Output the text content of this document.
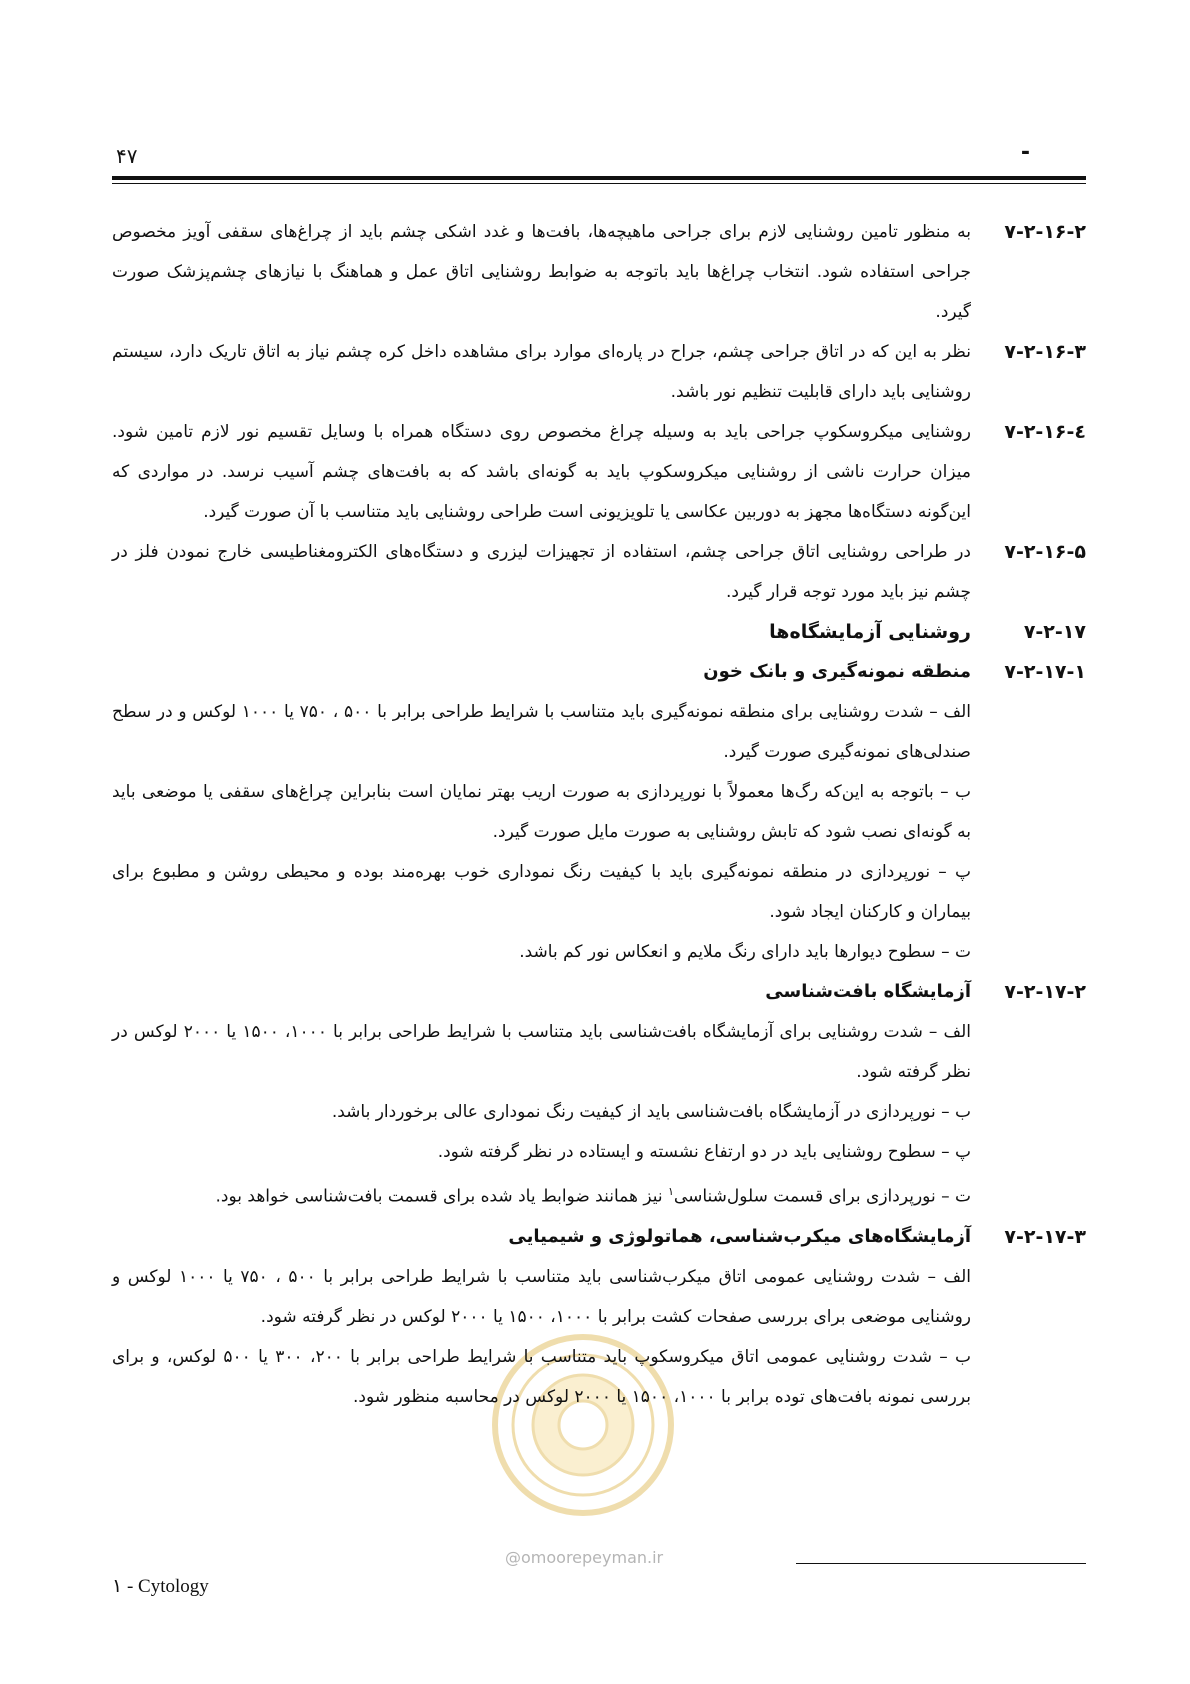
۴۷	-
۷-۲-۱۶-۲
به منظور تامین روشنایی لازم برای جراحی ماهیچه‌ها، بافت‌ها و غدد اشکی چشم باید از چراغ‌های سقفی آویز مخصوص جراحی استفاده شود. انتخاب چراغ‌ها باید باتوجه به ضوابط روشنایی اتاق عمل و هماهنگ با نیازهای چشم‌پزشک صورت گیرد.
۷-۲-۱۶-۳
نظر به این که در اتاق جراحی چشم، جراح در پاره‌ای موارد برای مشاهده داخل کره چشم نیاز به اتاق تاریک دارد، سیستم روشنایی باید دارای قابلیت تنظیم نور باشد.
۷-۲-۱۶-٤
روشنایی میکروسکوپ جراحی باید به وسیله چراغ مخصوص روی دستگاه همراه با وسایل تقسیم نور لازم تامین شود. میزان حرارت ناشی از روشنایی میکروسکوپ باید به گونه‌ای باشد که به بافت‌های چشم آسیب نرسد. در مواردی که این‌گونه دستگاه‌ها مجهز به دوربین عکاسی یا تلویزیونی است طراحی روشنایی باید متناسب با آن صورت گیرد.
۷-۲-۱۶-۵
در طراحی روشنایی اتاق جراحی چشم، استفاده از تجهیزات لیزری و دستگاه‌های الکترومغناطیسی خارج نمودن فلز در چشم نیز باید مورد توجه قرار گیرد.
۷-۲-۱۷
روشنایی آزمایشگاه‌ها
۷-۲-۱۷-۱
منطقه نمونه‌گیری و بانک خون
الف – شدت روشنایی برای منطقه نمونه‌گیری باید متناسب با شرایط طراحی برابر با ۵۰۰ ، ۷۵۰ یا ۱۰۰۰ لوکس و در سطح صندلی‌های نمونه‌گیری صورت گیرد.
ب – باتوجه به این‌که رگ‌ها معمولاً با نورپردازی به صورت اریب بهتر نمایان است بنابراین چراغ‌های سقفی یا موضعی باید به گونه‌ای نصب شود که تابش روشنایی به صورت مایل صورت گیرد.
پ – نورپردازی در منطقه نمونه‌گیری باید با کیفیت رنگ نموداری خوب بهره‌مند بوده و محیطی روشن و مطبوع برای بیماران و کارکنان ایجاد شود.
ت – سطوح دیوارها باید دارای رنگ ملایم و انعکاس نور کم باشد.
۷-۲-۱۷-۲
آزمایشگاه بافت‌شناسی
الف – شدت روشنایی برای آزمایشگاه بافت‌شناسی باید متناسب با شرایط طراحی برابر با ۱۰۰۰، ۱۵۰۰ یا ۲۰۰۰ لوکس در نظر گرفته شود.
ب – نورپردازی در آزمایشگاه بافت‌شناسی باید از کیفیت رنگ نموداری عالی برخوردار باشد.
پ – سطوح روشنایی باید در دو ارتفاع نشسته و ایستاده در نظر گرفته شود.
ت – نورپردازی برای قسمت سلول‌شناسی$^۱$ نیز همانند ضوابط یاد شده برای قسمت بافت‌شناسی خواهد بود.
۷-۲-۱۷-۳
آزمایشگاه‌های میکرب‌شناسی، هماتولوژی و شیمیایی
الف – شدت روشنایی عمومی اتاق میکرب‌شناسی باید متناسب با شرایط طراحی برابر با ۵۰۰ ، ۷۵۰ یا ۱۰۰۰ لوکس و روشنایی موضعی برای بررسی صفحات کشت برابر با ۱۰۰۰، ۱۵۰۰ یا ۲۰۰۰ لوکس در نظر گرفته شود.
ب – شدت روشنایی عمومی اتاق میکروسکوپ باید متناسب با شرایط طراحی برابر با ۲۰۰، ۳۰۰ یا ۵۰۰ لوکس، و برای بررسی نمونه بافت‌های توده برابر با ۱۰۰۰، ۱۵۰۰ یا ۲۰۰۰ لوکس در محاسبه منظور شود.
@omoorepeyman.ir
۱ - Cytology
